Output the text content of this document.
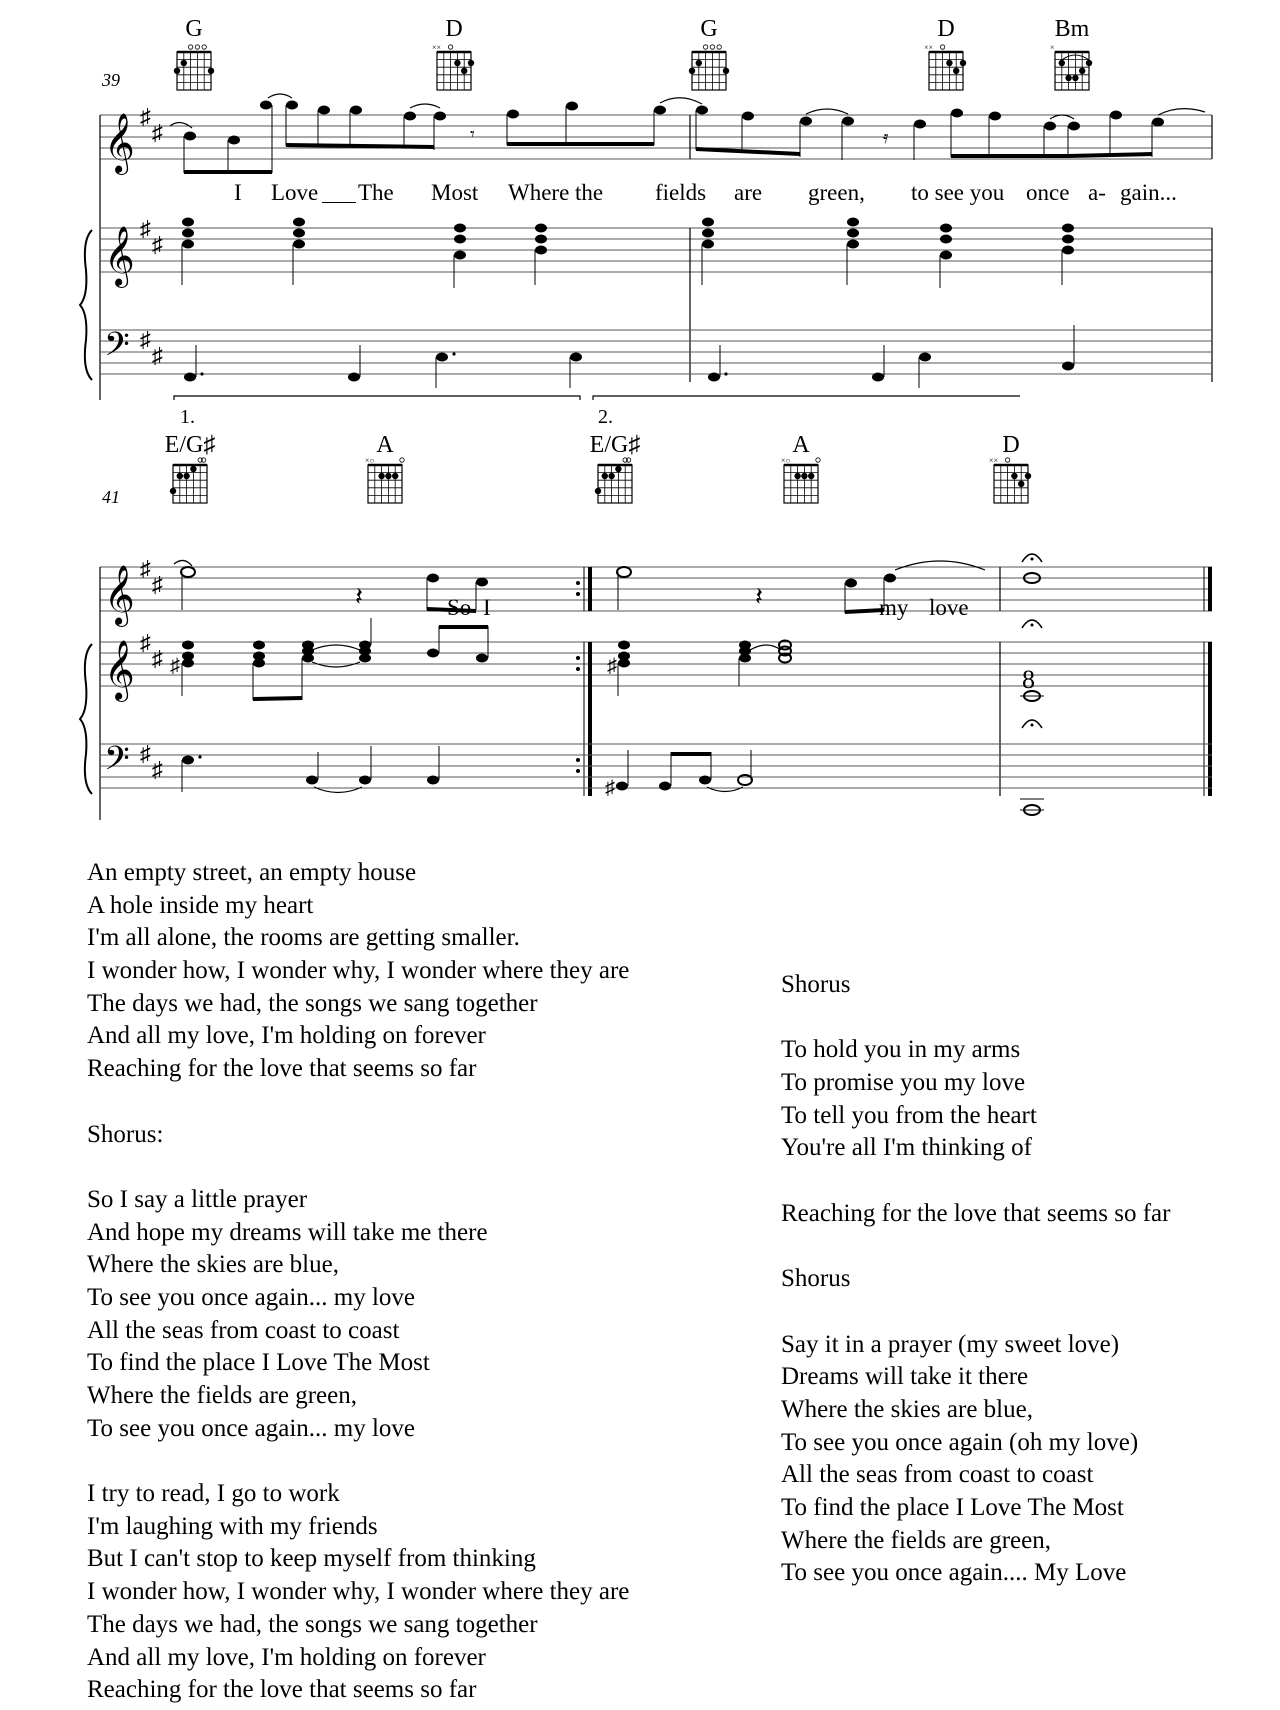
G	D	G	D	Bm
39
××	××	×
𝄞 ♯
♯	𝄾	𝄿
𝄞 ♯
♯
𝄢 ♯
♯
I Love The Most Where the fields are green, to see you once a- gain...
1.	2.
E/G♯	A	E/G♯	A	D
41
×○	×○	××
𝄞 ♯
♯	𝄽	𝄽
𝄞 ♯
♯ ♯	♯	8
𝄢 ♯
♯
♯
So I	my love
An empty street, an empty house
A hole inside my heart
I'm all alone, the rooms are getting smaller.
I wonder how, I wonder why, I wonder where they are
The days we had, the songs we sang together
And all my love, I'm holding on forever
Reaching for the love that seems so far
Shorus:
So I say a little prayer
And hope my dreams will take me there
Where the skies are blue,
To see you once again... my love
All the seas from coast to coast
To find the place I Love The Most
Where the fields are green,
To see you once again... my love
I try to read, I go to work
I'm laughing with my friends
But I can't stop to keep myself from thinking
I wonder how, I wonder why, I wonder where they are
The days we had, the songs we sang together
And all my love, I'm holding on forever
Reaching for the love that seems so far
Shorus
To hold you in my arms
To promise you my love
To tell you from the heart
You're all I'm thinking of
Reaching for the love that seems so far
Shorus
Say it in a prayer (my sweet love)
Dreams will take it there
Where the skies are blue,
To see you once again (oh my love)
All the seas from coast to coast
To find the place I Love The Most
Where the fields are green,
To see you once again.... My Love
